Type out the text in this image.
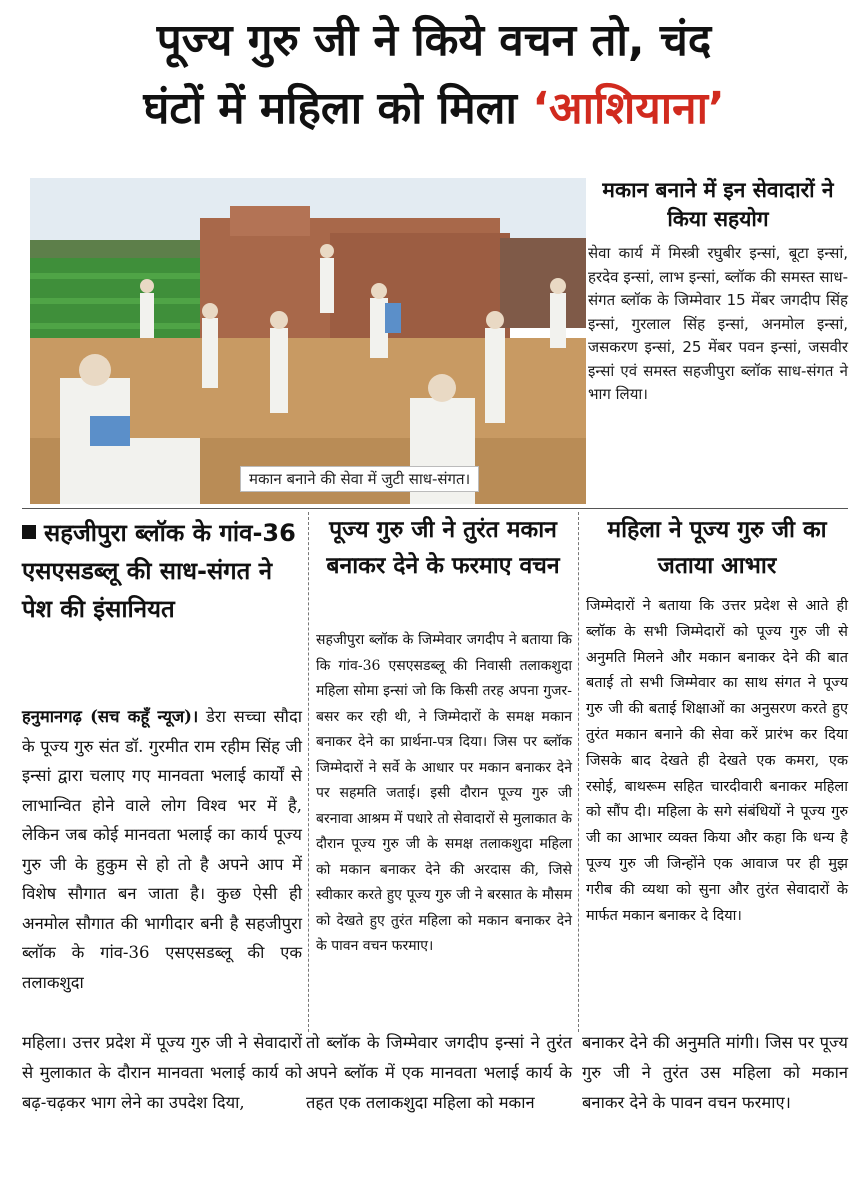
पूज्य गुरु जी ने किये वचन तो, चंद
घंटों में महिला को मिला ‘आशियाना’
मकान बनाने की सेवा में जुटी साध-संगत।
मकान बनाने में इन सेवादारों ने किया सहयोग
सेवा कार्य में मिस्त्री रघुबीर इन्सां, बूटा इन्सां, हरदेव इन्सां, लाभ इन्सां, ब्लॉक की समस्त साध-संगत ब्लॉक के जिम्मेवार 15 मेंबर जगदीप सिंह इन्सां, गुरलाल सिंह इन्सां, अनमोल इन्सां, जसकरण इन्सां, 25 मेंबर पवन इन्सां, जसवीर इन्सां एवं समस्त सहजीपुरा ब्लॉक साध-संगत ने भाग लिया।
सहजीपुरा ब्लॉक के गांव-36 एसएसडब्लू की साध-संगत ने पेश की इंसानियत
हनुमानगढ़ (सच कहूँ न्यूज)। डेरा सच्चा सौदा के पूज्य गुरु संत डॉ. गुरमीत राम रहीम सिंह जी इन्सां द्वारा चलाए गए मानवता भलाई कार्यों से लाभान्वित होने वाले लोग विश्व भर में है, लेकिन जब कोई मानवता भलाई का कार्य पूज्य गुरु जी के हुकुम से हो तो है अपने आप में विशेष सौगात बन जाता है। कुछ ऐसी ही अनमोल सौगात की भागीदार बनी है सहजीपुरा ब्लॉक के गांव-36 एसएसडब्लू की एक तलाकशुदा
पूज्य गुरु जी ने तुरंत मकान बनाकर देने के फरमाए वचन
सहजीपुरा ब्लॉक के जिम्मेवार जगदीप ने बताया कि कि गांव-36 एसएसडब्लू की निवासी तलाकशुदा महिला सोमा इन्सां जो कि किसी तरह अपना गुजर-बसर कर रही थी, ने जिम्मेदारों के समक्ष मकान बनाकर देने का प्रार्थना-पत्र दिया। जिस पर ब्लॉक जिम्मेदारों ने सर्वे के आधार पर मकान बनाकर देने पर सहमति जताई। इसी दौरान पूज्य गुरु जी बरनावा आश्रम में पधारे तो सेवादारों से मुलाकात के दौरान पूज्य गुरु जी के समक्ष तलाकशुदा महिला को मकान बनाकर देने की अरदास की, जिसे स्वीकार करते हुए पूज्य गुरु जी ने बरसात के मौसम को देखते हुए तुरंत महिला को मकान बनाकर देने के पावन वचन फरमाए।
महिला ने पूज्य गुरु जी का जताया आभार
जिम्मेदारों ने बताया कि उत्तर प्रदेश से आते ही ब्लॉक के सभी जिम्मेदारों को पूज्य गुरु जी से अनुमति मिलने और मकान बनाकर देने की बात बताई तो सभी जिम्मेवार का साथ संगत ने पूज्य गुरु जी की बताई शिक्षाओं का अनुसरण करते हुए तुरंत मकान बनाने की सेवा करें प्रारंभ कर दिया जिसके बाद देखते ही देखते एक कमरा, एक रसोई, बाथरूम सहित चारदीवारी बनाकर महिला को सौंप दी। महिला के सगे संबंधियों ने पूज्य गुरु जी का आभार व्यक्त किया और कहा कि धन्य है पूज्य गुरु जी जिन्होंने एक आवाज पर ही मुझ गरीब की व्यथा को सुना और तुरंत सेवादारों के मार्फत मकान बनाकर दे दिया।
महिला। उत्तर प्रदेश में पूज्य गुरु जी ने सेवादारों से मुलाकात के दौरान मानवता भलाई कार्य को बढ़-चढ़कर भाग लेने का उपदेश दिया,
तो ब्लॉक के जिम्मेवार जगदीप इन्सां ने तुरंत अपने ब्लॉक में एक मानवता भलाई कार्य के तहत एक तलाकशुदा महिला को मकान
बनाकर देने की अनुमति मांगी। जिस पर पूज्य गुरु जी ने तुरंत उस महिला को मकान बनाकर देने के पावन वचन फरमाए।
